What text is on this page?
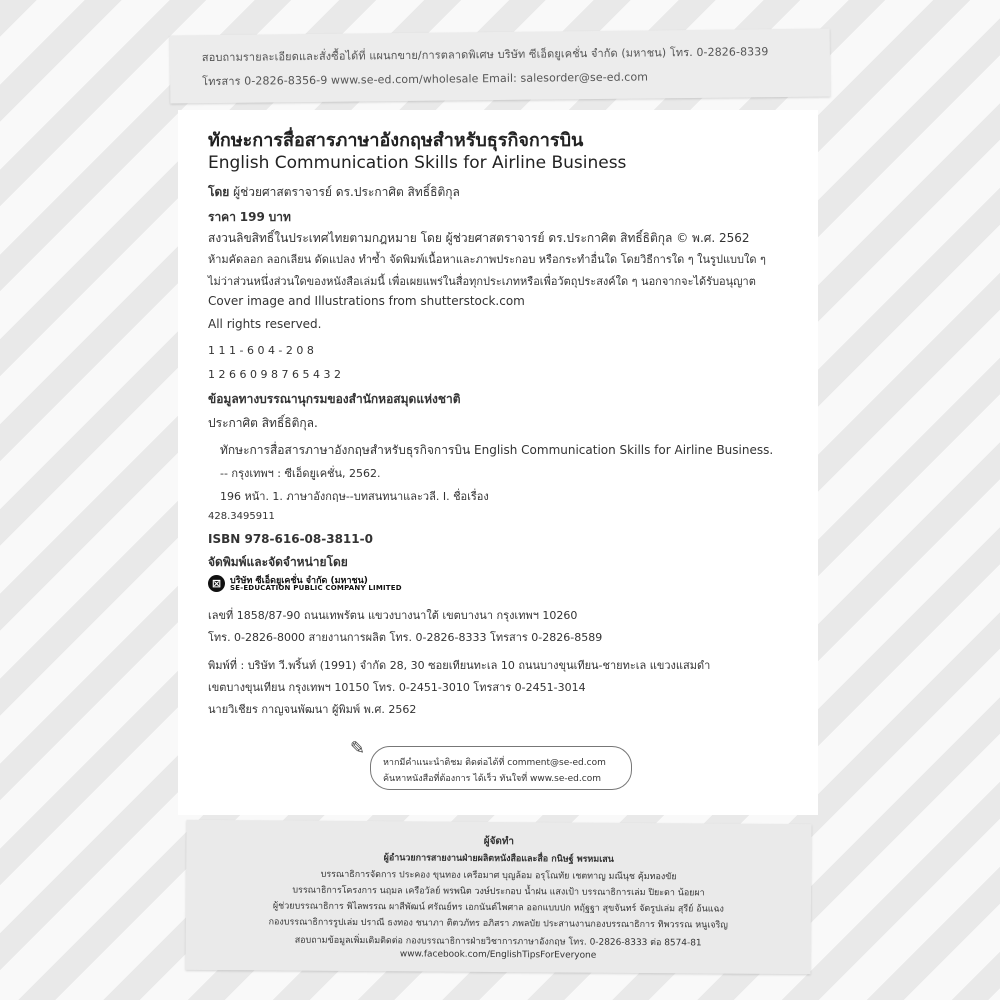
สอบถามรายละเอียดและสั่งซื้อได้ที่ แผนกขาย/การตลาดพิเศษ บริษัท ซีเอ็ดยูเคชั่น จำกัด (มหาชน) โทร. 0-2826-8339
โทรสาร 0-2826-8356-9 www.se-ed.com/wholesale Email: salesorder@se-ed.com
ทักษะการสื่อสารภาษาอังกฤษสำหรับธุรกิจการบิน
English Communication Skills for Airline Business
โดย ผู้ช่วยศาสตราจารย์ ดร.ประกาศิต สิทธิ์ธิติกุล
ราคา 199 บาท
สงวนลิขสิทธิ์ในประเทศไทยตามกฎหมาย โดย ผู้ช่วยศาสตราจารย์ ดร.ประกาศิต สิทธิ์ธิติกุล © พ.ศ. 2562
ห้ามคัดลอก ลอกเลียน ดัดแปลง ทำซ้ำ จัดพิมพ์เนื้อหาและภาพประกอบ หรือกระทำอื่นใด โดยวิธีการใด ๆ ในรูปแบบใด ๆ
ไม่ว่าส่วนหนึ่งส่วนใดของหนังสือเล่มนี้ เพื่อเผยแพร่ในสื่อทุกประเภทหรือเพื่อวัตถุประสงค์ใด ๆ นอกจากจะได้รับอนุญาต
Cover image and Illustrations from shutterstock.com
All rights reserved.
1 1 1 - 6 0 4 - 2 0 8
1 2 6 6 0 9 8 7 6 5 4 3 2
ข้อมูลทางบรรณานุกรมของสำนักหอสมุดแห่งชาติ
ประกาศิต สิทธิ์ธิติกุล.
ทักษะการสื่อสารภาษาอังกฤษสำหรับธุรกิจการบิน English Communication Skills for Airline Business.
-- กรุงเทพฯ : ซีเอ็ดยูเคชั่น, 2562.
196 หน้า. 1. ภาษาอังกฤษ--บทสนทนาและวลี. I. ชื่อเรื่อง
428.3495911
ISBN 978-616-08-3811-0
จัดพิมพ์และจัดจำหน่ายโดย
⊠ บริษัท ซีเอ็ดยูเคชั่น จำกัด (มหาชน)
SE-EDUCATION PUBLIC COMPANY LIMITED
เลขที่ 1858/87-90 ถนนเทพรัตน แขวงบางนาใต้ เขตบางนา กรุงเทพฯ 10260
โทร. 0-2826-8000 สายงานการผลิต โทร. 0-2826-8333 โทรสาร 0-2826-8589
พิมพ์ที่ : บริษัท วี.พริ้นท์ (1991) จำกัด 28, 30 ซอยเทียนทะเล 10 ถนนบางขุนเทียน-ชายทะเล แขวงแสมดำ
เขตบางขุนเทียน กรุงเทพฯ 10150 โทร. 0-2451-3010 โทรสาร 0-2451-3014
นายวิเชียร กาญจนพัฒนา ผู้พิมพ์ พ.ศ. 2562
✎
หากมีคำแนะนำติชม ติดต่อได้ที่ comment@se-ed.com
ค้นหาหนังสือที่ต้องการ ได้เร็ว ทันใจที่ www.se-ed.com
ผู้จัดทำ
ผู้อำนวยการสายงานฝ่ายผลิตหนังสือและสื่อ กนิษฐ์ พรหมเสน
บรรณาธิการจัดการ ประคอง ขุนทอง เครือมาศ บุญล้อม อรุโณทัย เชตทาญ มณีนุช คุ้มทองขัย
บรรณาธิการโครงการ นฤมล เครือวัลย์ พรพนิต วงษ์ประกอบ น้ำฝน แสงเป้า บรรณาธิการเล่ม ปิยะดา น้อยผา
ผู้ช่วยบรรณาธิการ พิไลพรรณ ผาสีพัฒน์ ศรัณย์ทร เอกนันต์ไพศาล ออกแบบปก หฤัฐฐา สุขจันทร์ จัดรูปเล่ม สุรีย์ อ้นแฉง
กองบรรณาธิการรูปเล่ม ปราณี ธงทอง ชนาภา ติตวภัทร อภิสรา ภพลบัย ประสานงานกองบรรณาธิการ ทิพวรรณ หนูเจริญ
สอบถามข้อมูลเพิ่มเติมติดต่อ กองบรรณาธิการฝ่ายวิชาการภาษาอังกฤษ โทร. 0-2826-8333 ต่อ 8574-81
www.facebook.com/EnglishTipsForEveryone
